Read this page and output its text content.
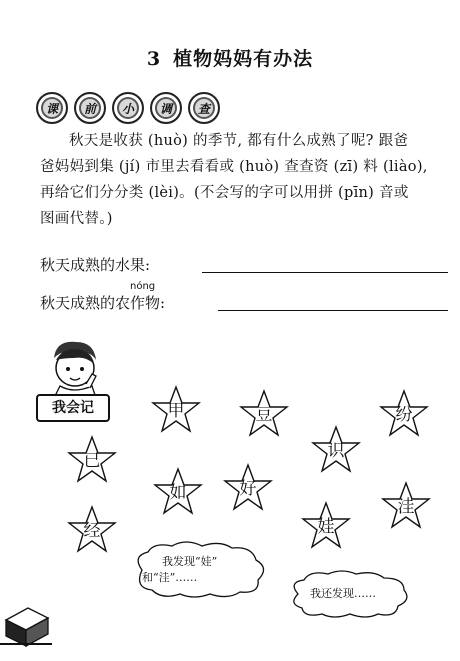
3 植物妈妈有办法
课	前	小	调	查

秋天是收获 (huò) 的季节, 都有什么成熟了呢? 跟爸

爸妈妈到集 (jí) 市里去看看或 (huò) 查查资 (zī) 料 (liào),

再给它们分分类 (lèi)。(不会写的字可以用拼 (pīn) 音或

图画代替。)

秋天成熟的水果:
nóng
秋天成熟的农作物:
我会记	甲	豆	纷
已	识
如	好
洼
经	娃
我发现“娃”
和“洼”……
我还发现……
